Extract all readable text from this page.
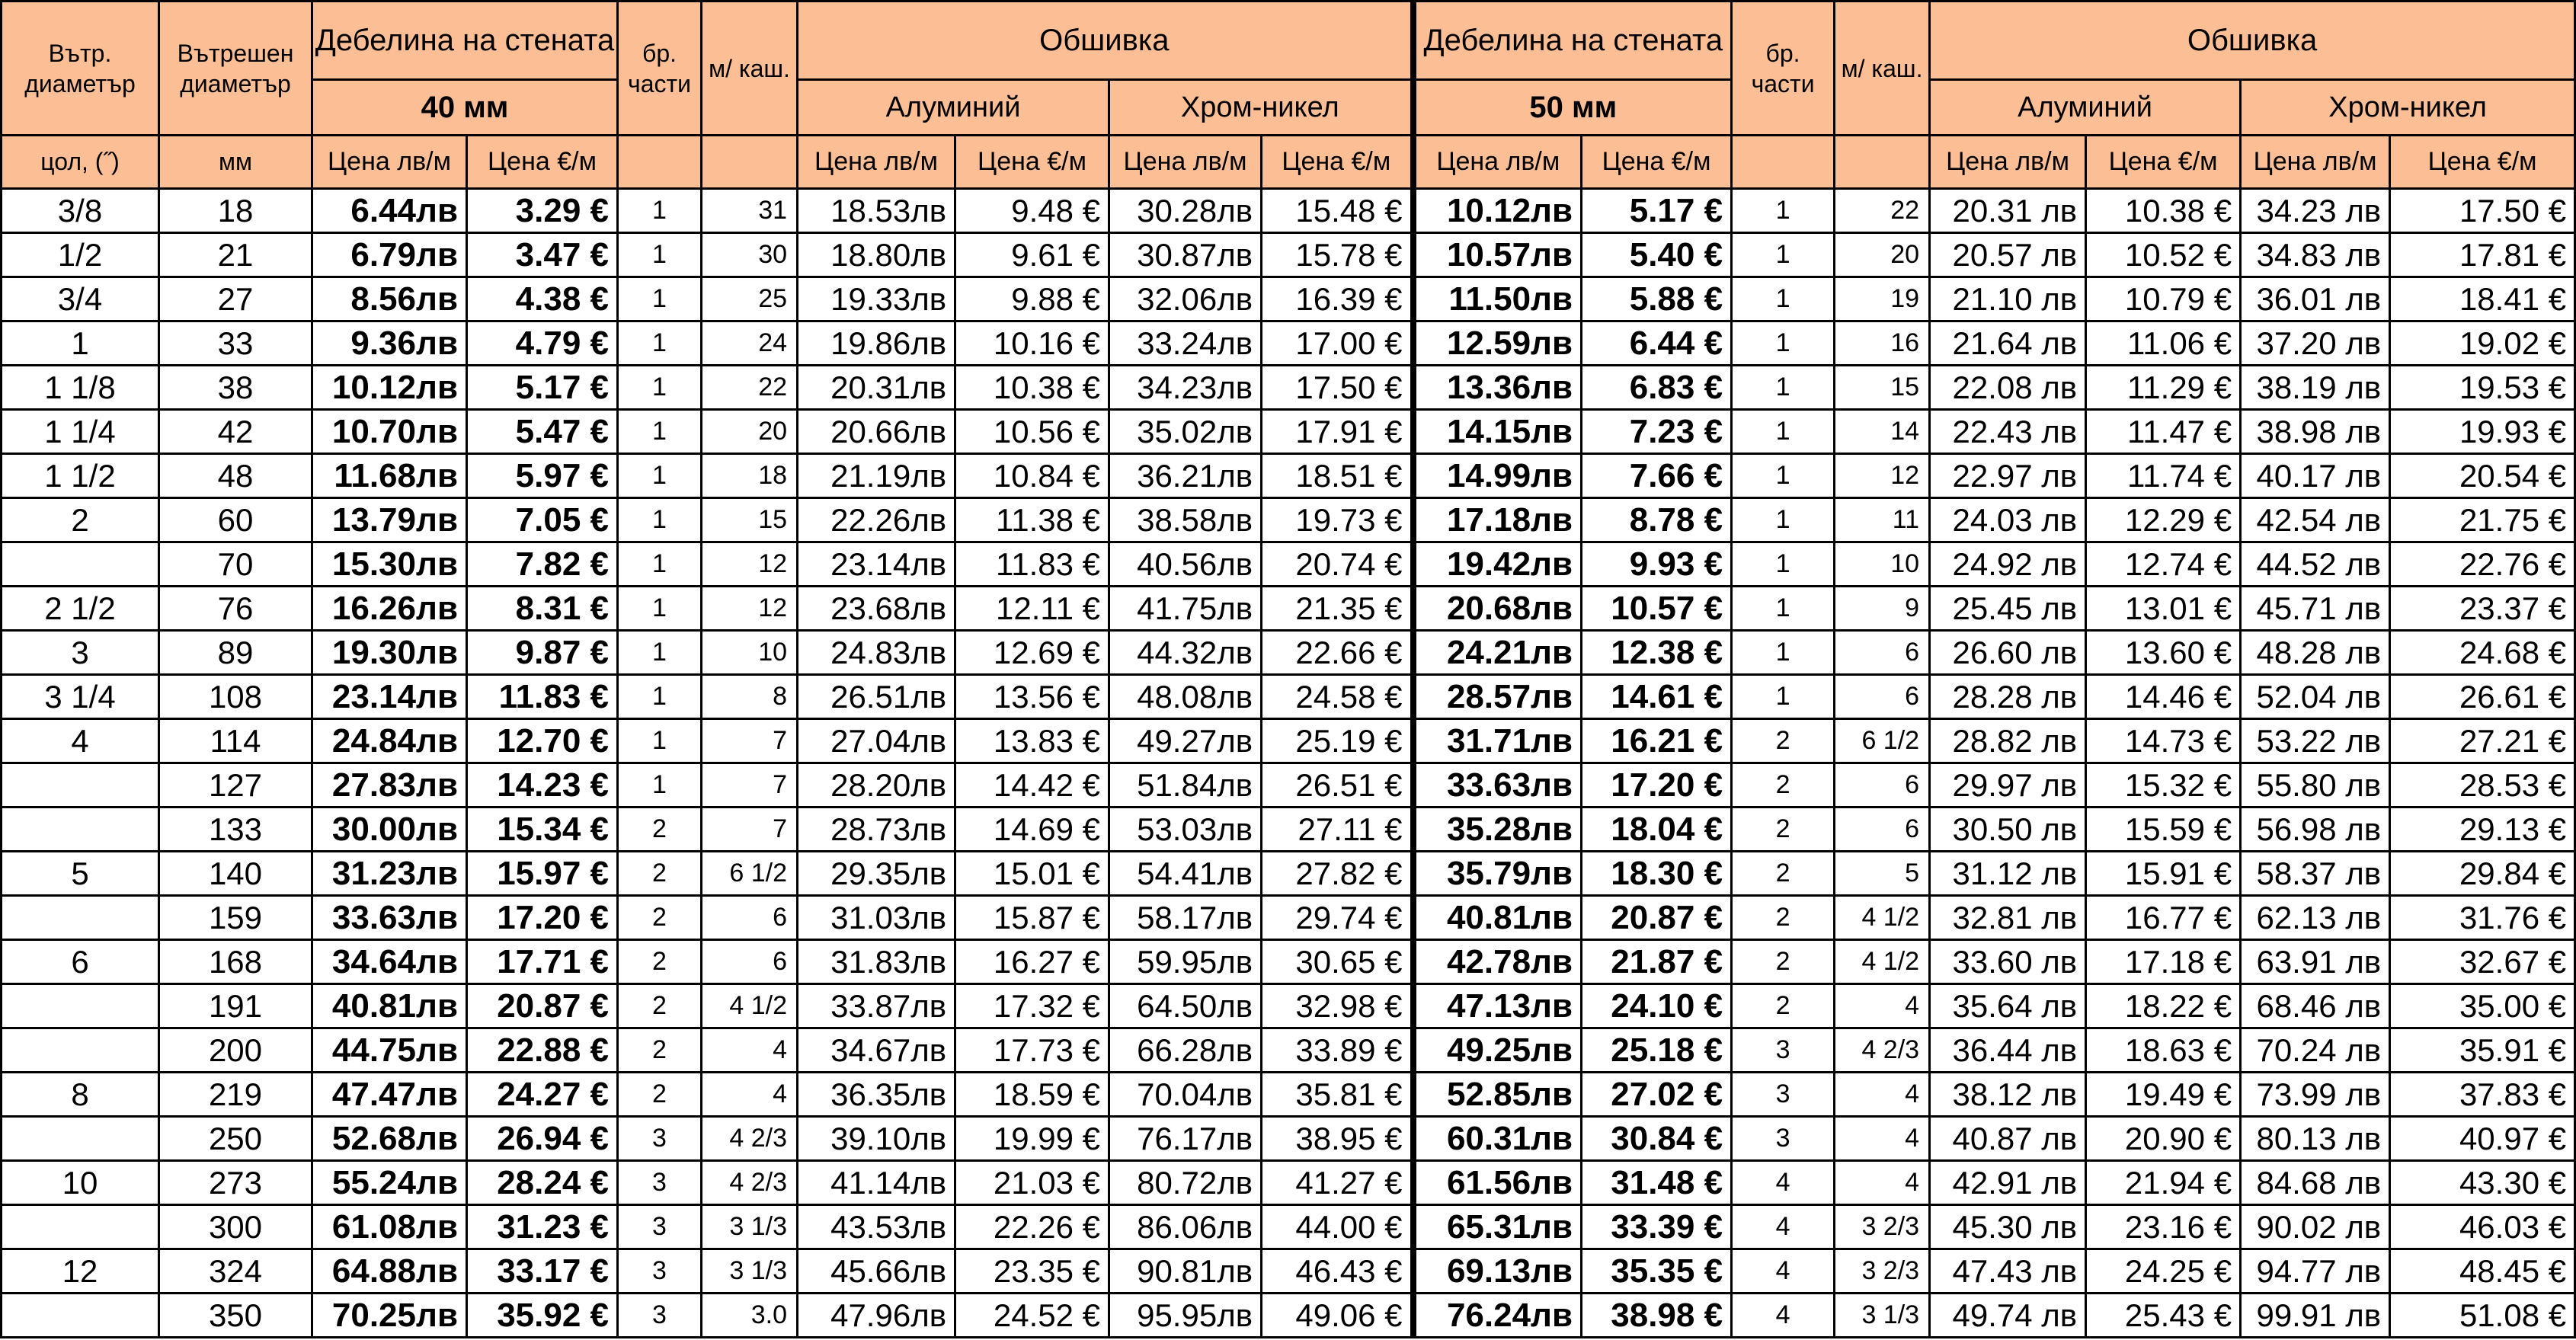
Вътр. диаметър	Вътрешен диаметър	Дебелина на стената		бр. части	м/ каш.	Обшивка				Дебелина на стената		бр. части	м/ каш.	Обшивка			
		40 мм				Алуминий		Хром-никел		50 мм				Алуминий		Хром-никел	
цол, (˝)	мм	Цена лв/м	Цена €/м			Цена лв/м	Цена €/м	Цена лв/м	Цена €/м	Цена лв/м	Цена €/м			Цена лв/м	Цена €/м	Цена лв/м	Цена €/м
3/8	18	6.44лв	3.29 €	1	31	18.53лв	9.48 €	30.28лв	15.48 €	10.12лв	5.17 €	1	22	20.31 лв	10.38 €	34.23 лв	17.50 €
1/2	21	6.79лв	3.47 €	1	30	18.80лв	9.61 €	30.87лв	15.78 €	10.57лв	5.40 €	1	20	20.57 лв	10.52 €	34.83 лв	17.81 €
3/4	27	8.56лв	4.38 €	1	25	19.33лв	9.88 €	32.06лв	16.39 €	11.50лв	5.88 €	1	19	21.10 лв	10.79 €	36.01 лв	18.41 €
1	33	9.36лв	4.79 €	1	24	19.86лв	10.16 €	33.24лв	17.00 €	12.59лв	6.44 €	1	16	21.64 лв	11.06 €	37.20 лв	19.02 €
1 1/8	38	10.12лв	5.17 €	1	22	20.31лв	10.38 €	34.23лв	17.50 €	13.36лв	6.83 €	1	15	22.08 лв	11.29 €	38.19 лв	19.53 €
1 1/4	42	10.70лв	5.47 €	1	20	20.66лв	10.56 €	35.02лв	17.91 €	14.15лв	7.23 €	1	14	22.43 лв	11.47 €	38.98 лв	19.93 €
1 1/2	48	11.68лв	5.97 €	1	18	21.19лв	10.84 €	36.21лв	18.51 €	14.99лв	7.66 €	1	12	22.97 лв	11.74 €	40.17 лв	20.54 €
2	60	13.79лв	7.05 €	1	15	22.26лв	11.38 €	38.58лв	19.73 €	17.18лв	8.78 €	1	11	24.03 лв	12.29 €	42.54 лв	21.75 €
	70	15.30лв	7.82 €	1	12	23.14лв	11.83 €	40.56лв	20.74 €	19.42лв	9.93 €	1	10	24.92 лв	12.74 €	44.52 лв	22.76 €
2 1/2	76	16.26лв	8.31 €	1	12	23.68лв	12.11 €	41.75лв	21.35 €	20.68лв	10.57 €	1	9	25.45 лв	13.01 €	45.71 лв	23.37 €
3	89	19.30лв	9.87 €	1	10	24.83лв	12.69 €	44.32лв	22.66 €	24.21лв	12.38 €	1	6	26.60 лв	13.60 €	48.28 лв	24.68 €
3 1/4	108	23.14лв	11.83 €	1	8	26.51лв	13.56 €	48.08лв	24.58 €	28.57лв	14.61 €	1	6	28.28 лв	14.46 €	52.04 лв	26.61 €
4	114	24.84лв	12.70 €	1	7	27.04лв	13.83 €	49.27лв	25.19 €	31.71лв	16.21 €	2	6 1/2	28.82 лв	14.73 €	53.22 лв	27.21 €
	127	27.83лв	14.23 €	1	7	28.20лв	14.42 €	51.84лв	26.51 €	33.63лв	17.20 €	2	6	29.97 лв	15.32 €	55.80 лв	28.53 €
	133	30.00лв	15.34 €	2	7	28.73лв	14.69 €	53.03лв	27.11 €	35.28лв	18.04 €	2	6	30.50 лв	15.59 €	56.98 лв	29.13 €
5	140	31.23лв	15.97 €	2	6 1/2	29.35лв	15.01 €	54.41лв	27.82 €	35.79лв	18.30 €	2	5	31.12 лв	15.91 €	58.37 лв	29.84 €
	159	33.63лв	17.20 €	2	6	31.03лв	15.87 €	58.17лв	29.74 €	40.81лв	20.87 €	2	4 1/2	32.81 лв	16.77 €	62.13 лв	31.76 €
6	168	34.64лв	17.71 €	2	6	31.83лв	16.27 €	59.95лв	30.65 €	42.78лв	21.87 €	2	4 1/2	33.60 лв	17.18 €	63.91 лв	32.67 €
	191	40.81лв	20.87 €	2	4 1/2	33.87лв	17.32 €	64.50лв	32.98 €	47.13лв	24.10 €	2	4	35.64 лв	18.22 €	68.46 лв	35.00 €
	200	44.75лв	22.88 €	2	4	34.67лв	17.73 €	66.28лв	33.89 €	49.25лв	25.18 €	3	4 2/3	36.44 лв	18.63 €	70.24 лв	35.91 €
8	219	47.47лв	24.27 €	2	4	36.35лв	18.59 €	70.04лв	35.81 €	52.85лв	27.02 €	3	4	38.12 лв	19.49 €	73.99 лв	37.83 €
	250	52.68лв	26.94 €	3	4 2/3	39.10лв	19.99 €	76.17лв	38.95 €	60.31лв	30.84 €	3	4	40.87 лв	20.90 €	80.13 лв	40.97 €
10	273	55.24лв	28.24 €	3	4 2/3	41.14лв	21.03 €	80.72лв	41.27 €	61.56лв	31.48 €	4	4	42.91 лв	21.94 €	84.68 лв	43.30 €
	300	61.08лв	31.23 €	3	3 1/3	43.53лв	22.26 €	86.06лв	44.00 €	65.31лв	33.39 €	4	3 2/3	45.30 лв	23.16 €	90.02 лв	46.03 €
12	324	64.88лв	33.17 €	3	3 1/3	45.66лв	23.35 €	90.81лв	46.43 €	69.13лв	35.35 €	4	3 2/3	47.43 лв	24.25 €	94.77 лв	48.45 €
	350	70.25лв	35.92 €	3	3.0	47.96лв	24.52 €	95.95лв	49.06 €	76.24лв	38.98 €	4	3 1/3	49.74 лв	25.43 €	99.91 лв	51.08 €
